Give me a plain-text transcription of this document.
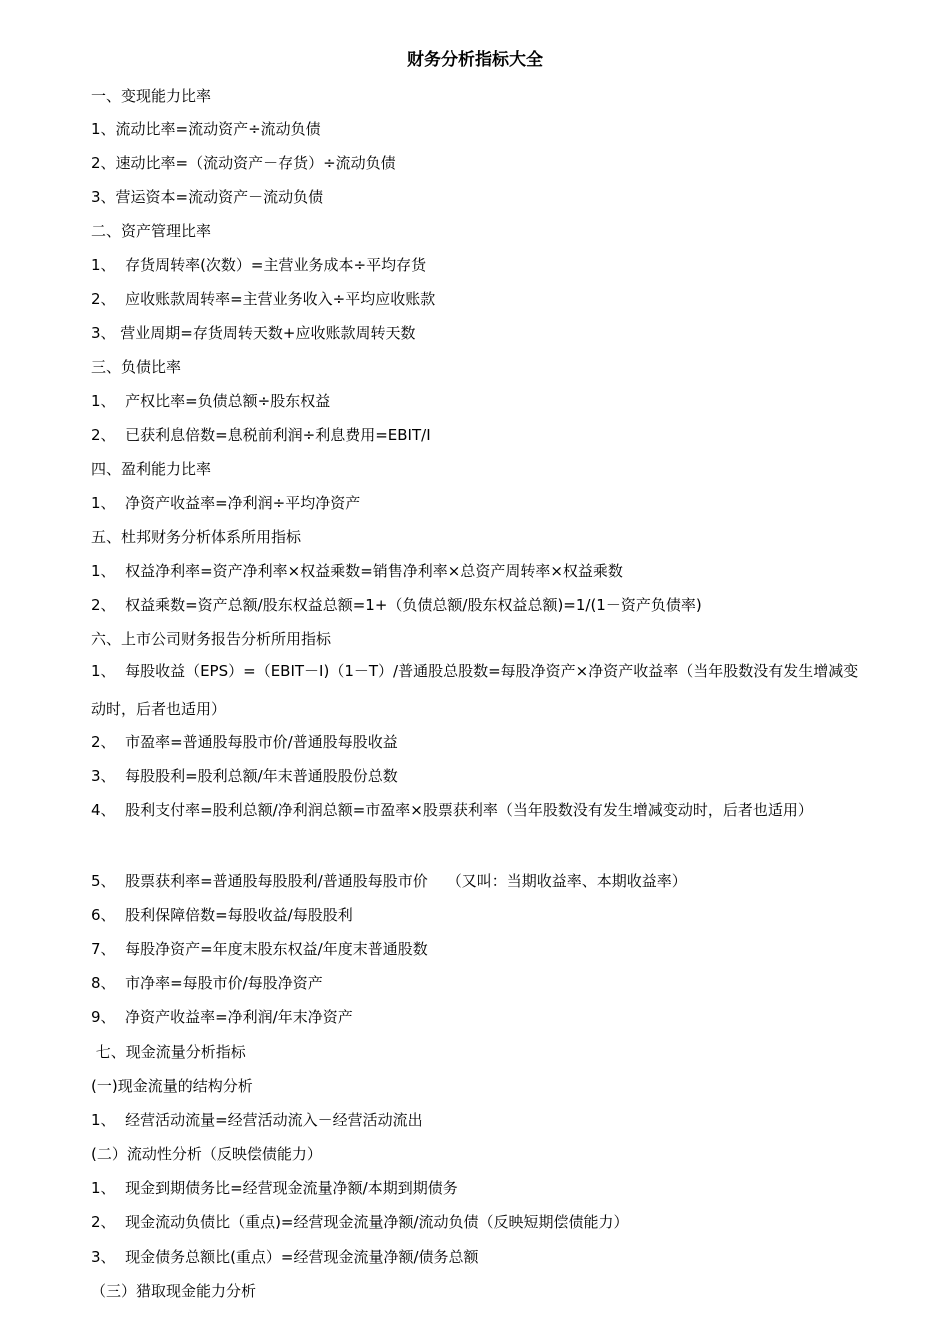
财务分析指标大全
一、变现能力比率
1、流动比率=流动资产÷流动负债
2、速动比率=（流动资产－存货）÷流动负债
3、营运资本=流动资产－流动负债
二、资产管理比率
1、  存货周转率(次数）=主营业务成本÷平均存货
2、  应收账款周转率=主营业务收入÷平均应收账款
3、 营业周期=存货周转天数+应收账款周转天数
三、负债比率
1、  产权比率=负债总额÷股东权益
2、  已获利息倍数=息税前利润÷利息费用=EBIT/I
四、盈利能力比率
1、  净资产收益率=净利润÷平均净资产
五、杜邦财务分析体系所用指标
1、  权益净利率=资产净利率×权益乘数=销售净利率×总资产周转率×权益乘数
2、  权益乘数=资产总额/股东权益总额=1+（负债总额/股东权益总额)=1/(1－资产负债率)
六、上市公司财务报告分析所用指标
1、  每股收益（EPS）=（EBIT－I)（1－T）/普通股总股数=每股净资产×净资产收益率（当年股数没有发生增减变动时，后者也适用）
2、  市盈率=普通股每股市价/普通股每股收益
3、  每股股利=股利总额/年末普通股股份总数
4、  股利支付率=股利总额/净利润总额=市盈率×股票获利率（当年股数没有发生增减变动时，后者也适用）
5、  股票获利率=普通股每股股利/普通股每股市价    （又叫：当期收益率、本期收益率）
6、  股利保障倍数=每股收益/每股股利
7、  每股净资产=年度末股东权益/年度末普通股数
8、  市净率=每股市价/每股净资产
9、  净资产收益率=净利润/年末净资产
七、现金流量分析指标
(一)现金流量的结构分析
1、  经营活动流量=经营活动流入－经营活动流出
(二）流动性分析（反映偿债能力）
1、  现金到期债务比=经营现金流量净额/本期到期债务
2、  现金流动负债比（重点)=经营现金流量净额/流动负债（反映短期偿债能力）
3、  现金债务总额比(重点）=经营现金流量净额/债务总额
（三）猎取现金能力分析
